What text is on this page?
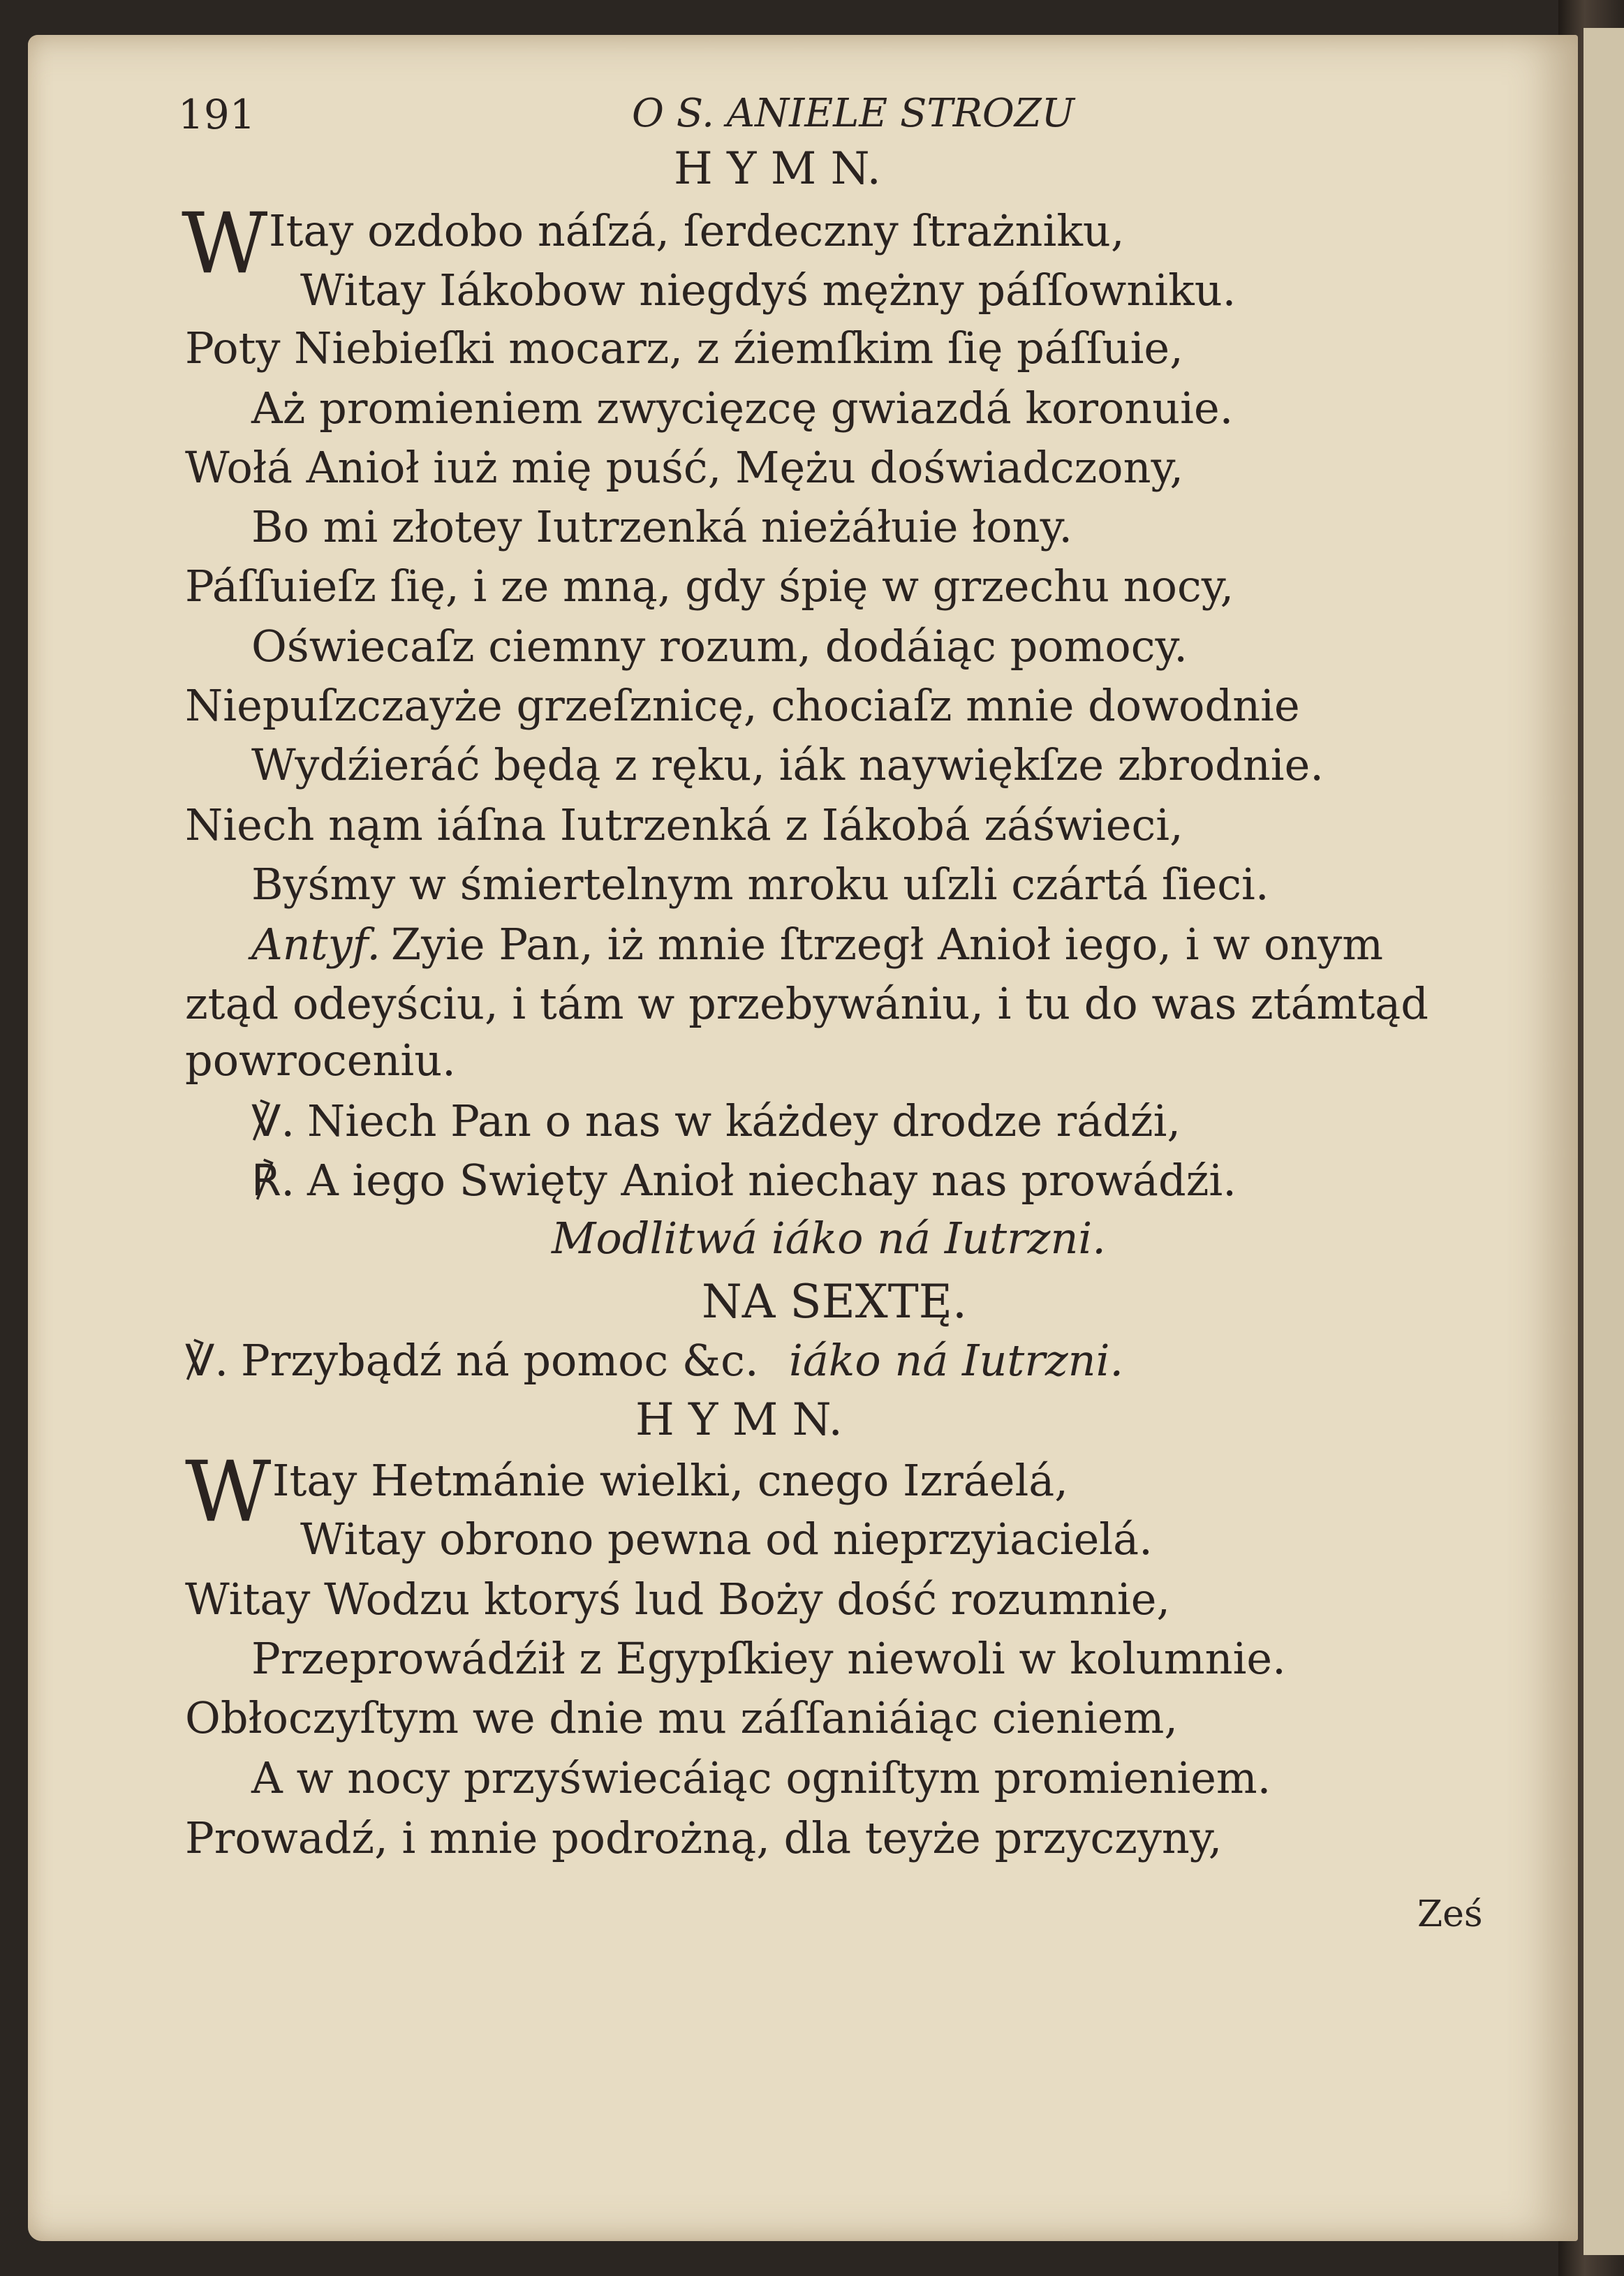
191	O S. ANIELE STROZU
H Y M N.
W Itay ozdobo náſzá, ſerdeczny ſtrażniku,
Witay Iákobow niegdyś mężny páſſowniku.
Poty Niebieſki mocarz, z źiemſkim ſię páſſuie,
Aż promieniem zwycięzcę gwiazdá koronuie.
Wołá Anioł iuż mię puść, Mężu doświadczony,
Bo mi złotey Iutrzenká nieżáłuie łony.
Páſſuieſz ſię, i ze mną, gdy śpię w grzechu nocy,
Oświecaſz ciemny rozum, dodáiąc pomocy.
Niepuſzczayże grzeſznicę, chociaſz mnie dowodnie
Wydźieráć będą z ręku, iák naywiękſze zbrodnie.
Niech nąm iáſna Iutrzenká z Iákobá záświeci,
Byśmy w śmiertelnym mroku uſzli czártá ſieci.
Antyf. Zyie Pan, iż mnie ſtrzegł Anioł iego, i w onym
ztąd odeyściu, i tám w przebywániu, i tu do was ztámtąd
powroceniu.
℣. Niech Pan o nas w káżdey drodze rádźi,
℟. A iego Swięty Anioł niechay nas prowádźi.
Modlitwá iáko ná Iutrzni.
NA SEXTĘ.
℣. Przybądź ná pomoc &c. iáko ná Iutrzni.
H Y M N.
W Itay Hetmánie wielki, cnego Izráelá,
Witay obrono pewna od nieprzyiacielá.
Witay Wodzu ktoryś lud Boży dość rozumnie,
Przeprowádźił z Egypſkiey niewoli w kolumnie.
Obłoczyſtym we dnie mu záſſaniáiąc cieniem,
A w nocy przyświecáiąc ogniſtym promieniem.
Prowadź, i mnie podrożną, dla teyże przyczyny,
Ześ
